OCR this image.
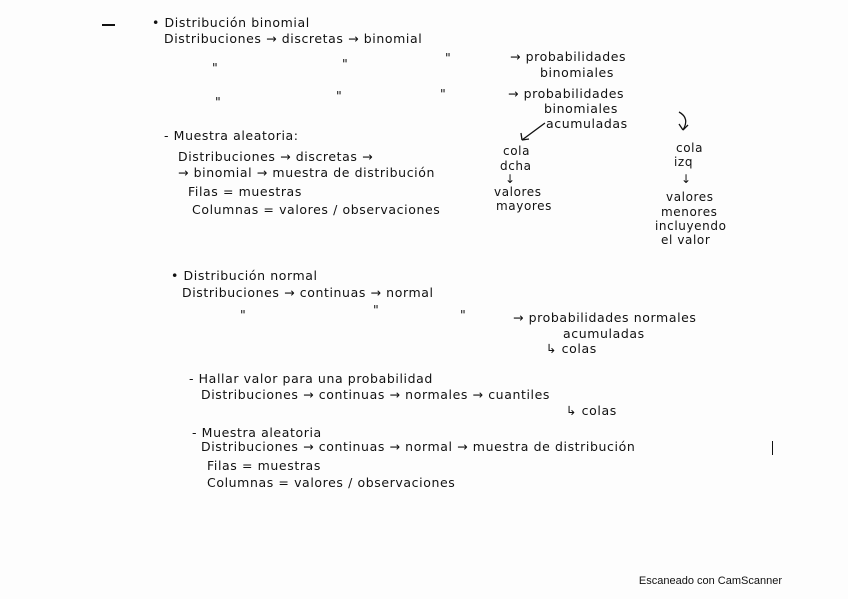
• Distribución binomial
Distribuciones → discretas → binomial
"	"	"	→ probabilidades
binomiales
"	"	"	→ probabilidades
binomiales
acumuladas
- Muestra aleatoria:
Distribuciones → discretas →
→ binomial → muestra de distribución
Filas = muestras
Columnas = valores / observaciones
cola
dcha
↓
valores
mayores
cola
izq
↓
valores
menores
incluyendo
el valor
• Distribución normal
Distribuciones → continuas → normal
"	"	"	→ probabilidades normales
acumuladas
↳ colas
- Hallar valor para una probabilidad
Distribuciones → continuas → normales → cuantiles
↳ colas
- Muestra aleatoria
Distribuciones → continuas → normal → muestra de distribución
Filas = muestras
Columnas = valores / observaciones
Escaneado con CamScanner
